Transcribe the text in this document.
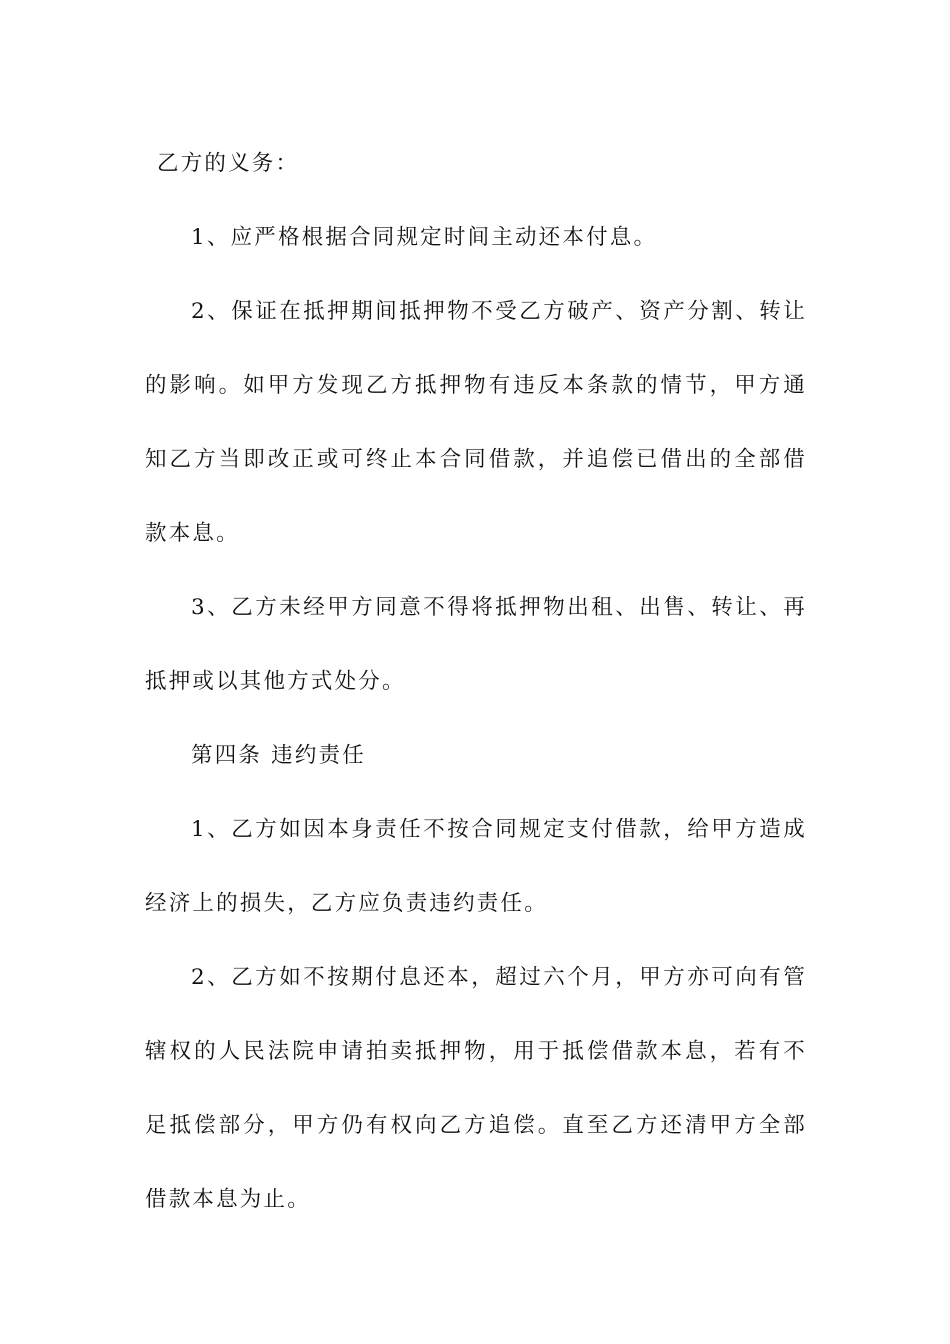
乙方的义务：

1、应严格根据合同规定时间主动还本付息。

2、保证在抵押期间抵押物不受乙方破产、资产分割、转让的影响。如甲方发现乙方抵押物有违反本条款的情节，甲方通知乙方当即改正或可终止本合同借款，并追偿已借出的全部借款本息。

3、乙方未经甲方同意不得将抵押物出租、出售、转让、再抵押或以其他方式处分。

第四条 违约责任

1、乙方如因本身责任不按合同规定支付借款，给甲方造成经济上的损失，乙方应负责违约责任。

2、乙方如不按期付息还本，超过六个月，甲方亦可向有管辖权的人民法院申请拍卖抵押物，用于抵偿借款本息，若有不足抵偿部分，甲方仍有权向乙方追偿。直至乙方还清甲方全部借款本息为止。
